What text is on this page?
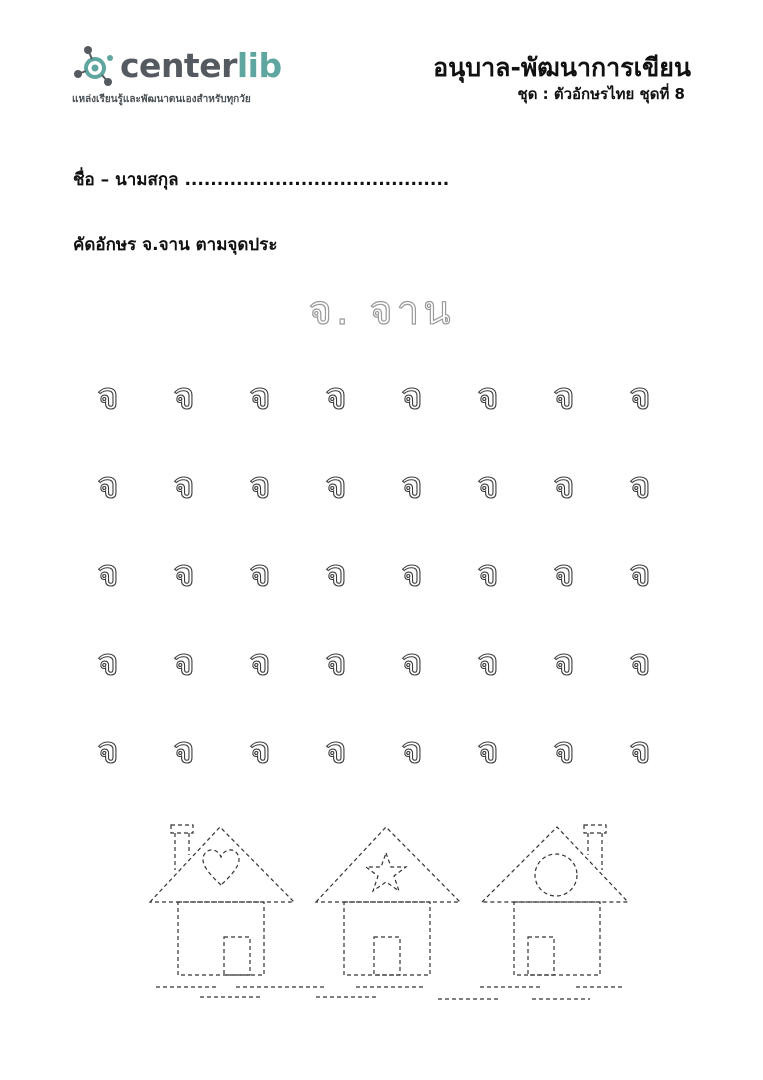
centerlib
แหล่งเรียนรู้และพัฒนาตนเองสำหรับทุกวัย
อนุบาล-พัฒนาการเขียน
ชุด : ตัวอักษรไทย ชุดที่ 8
ชื่อ – นามสกุล .........................................
คัดอักษร จ.จาน ตามจุดประ
จ. จาน
จ	จ	จ	จ	จ	จ	จ	จ
จ	จ	จ	จ	จ	จ	จ	จ
จ	จ	จ	จ	จ	จ	จ	จ
จ	จ	จ	จ	จ	จ	จ	จ
จ	จ	จ	จ	จ	จ	จ	จ
